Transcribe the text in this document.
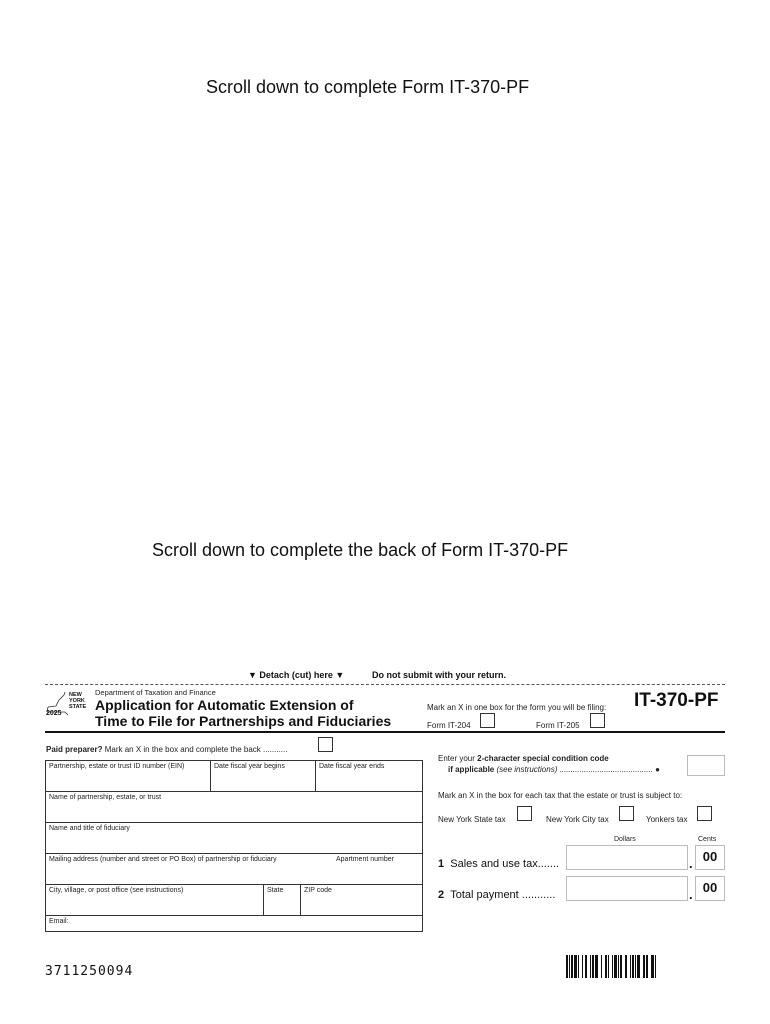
Scroll down to complete Form IT-370-PF
Scroll down to complete the back of Form IT-370-PF
▼ Detach (cut) here ▼	Do not submit with your return.
NEW
YORK
STATE
2025
Department of Taxation and Finance
Application for Automatic Extension of
Time to File for Partnerships and Fiduciaries
Mark an X in one box for the form you will be filing: IT-370-PF
Form IT-204	Form IT-205
Paid preparer? Mark an X in the box and complete the back ...........
Partnership, estate or trust ID number (EIN)	Date fiscal year begins	Date fiscal year ends
Name of partnership, estate, or trust
Name and title of fiduciary
Mailing address (number and street or PO Box) of partnership or fiduciary	Apartment number
City, village, or post office (see instructions)	State	ZIP code
Email:
Enter your 2-character special condition code
if applicable (see instructions) .......................................... ●
Mark an X in the box for each tax that the estate or trust is subject to:
New York State tax	New York City tax	Yonkers tax
Dollars	Cents
1 Sales and use tax.......	. 00
2 Total payment ...........	. 00
3711250094
